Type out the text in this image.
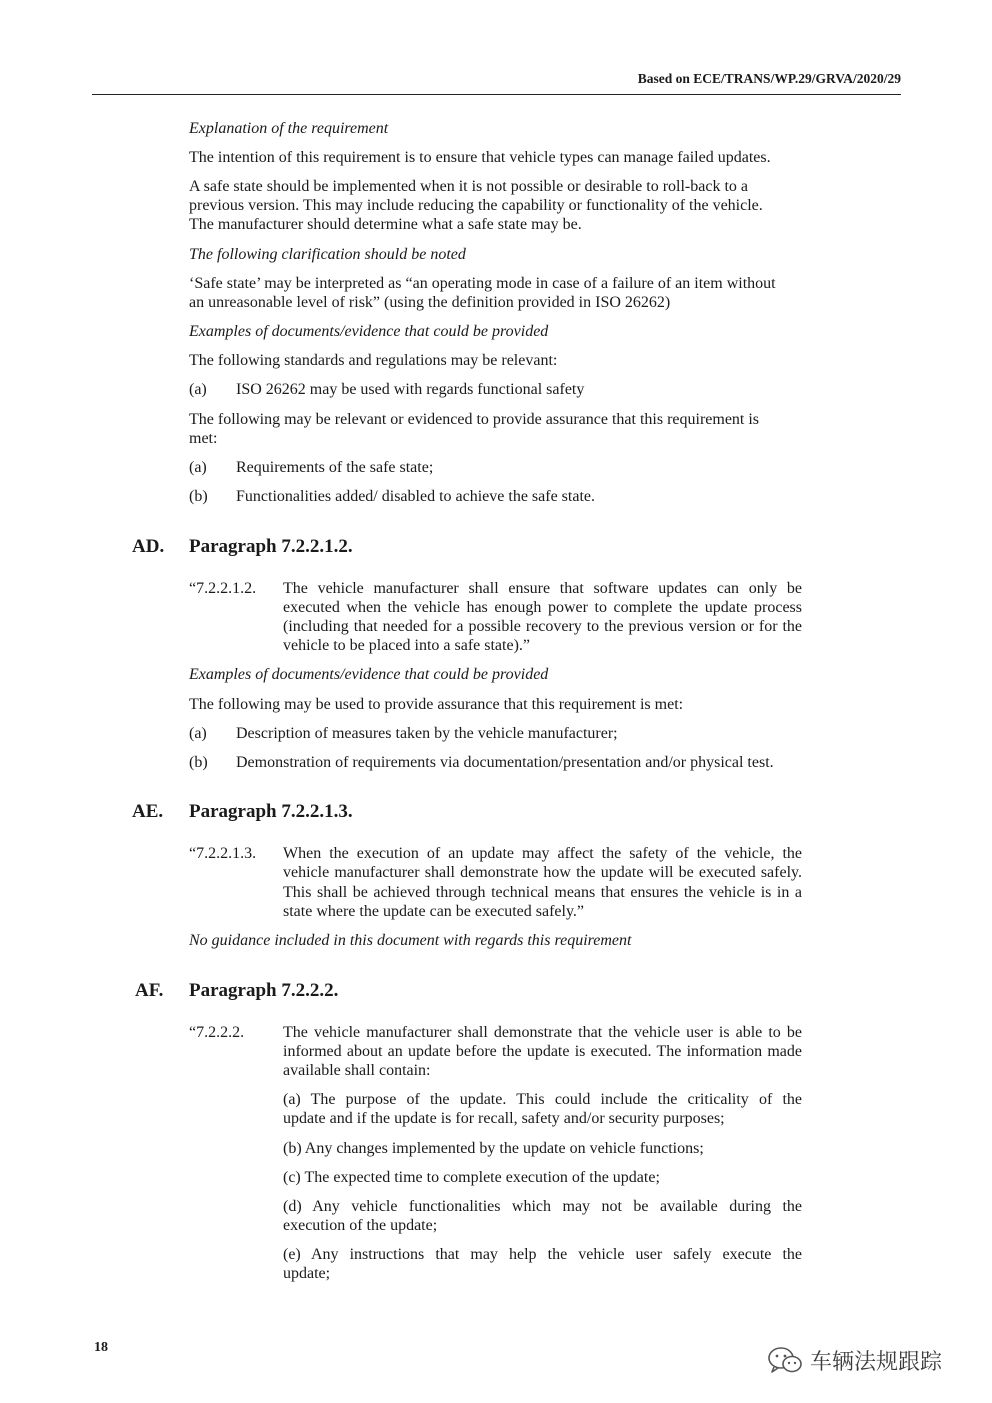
Based on ECE/TRANS/WP.29/GRVA/2020/29
Explanation of the requirement
The intention of this requirement is to ensure that vehicle types can manage failed updates.
A safe state should be implemented when it is not possible or desirable to roll-back to a
previous version. This may include reducing the capability or functionality of the vehicle.
The manufacturer should determine what a safe state may be.
The following clarification should be noted
‘Safe state’ may be interpreted as “an operating mode in case of a failure of an item without
an unreasonable level of risk” (using the definition provided in ISO 26262)
Examples of documents/evidence that could be provided
The following standards and regulations may be relevant:
(a) ISO 26262 may be used with regards functional safety
The following may be relevant or evidenced to provide assurance that this requirement is
met:
(a) Requirements of the safe state;
(b) Functionalities added/ disabled to achieve the safe state.
AD. Paragraph 7.2.2.1.2.
“7.2.2.1.2. The vehicle manufacturer shall ensure that software updates can only be
executed when the vehicle has enough power to complete the update process
(including that needed for a possible recovery to the previous version or for the
vehicle to be placed into a safe state).”
Examples of documents/evidence that could be provided
The following may be used to provide assurance that this requirement is met:
(a) Description of measures taken by the vehicle manufacturer;
(b) Demonstration of requirements via documentation/presentation and/or physical test.
AE. Paragraph 7.2.2.1.3.
“7.2.2.1.3. When the execution of an update may affect the safety of the vehicle, the
vehicle manufacturer shall demonstrate how the update will be executed safely.
This shall be achieved through technical means that ensures the vehicle is in a
state where the update can be executed safely.”
No guidance included in this document with regards this requirement
AF. Paragraph 7.2.2.2.
“7.2.2.2. The vehicle manufacturer shall demonstrate that the vehicle user is able to be
informed about an update before the update is executed. The information made
available shall contain:
(a) The purpose of the update. This could include the criticality of the
update and if the update is for recall, safety and/or security purposes;
(b) Any changes implemented by the update on vehicle functions;
(c) The expected time to complete execution of the update;
(d) Any vehicle functionalities which may not be available during the
execution of the update;
(e) Any instructions that may help the vehicle user safely execute the
update;
18
车辆法规跟踪
